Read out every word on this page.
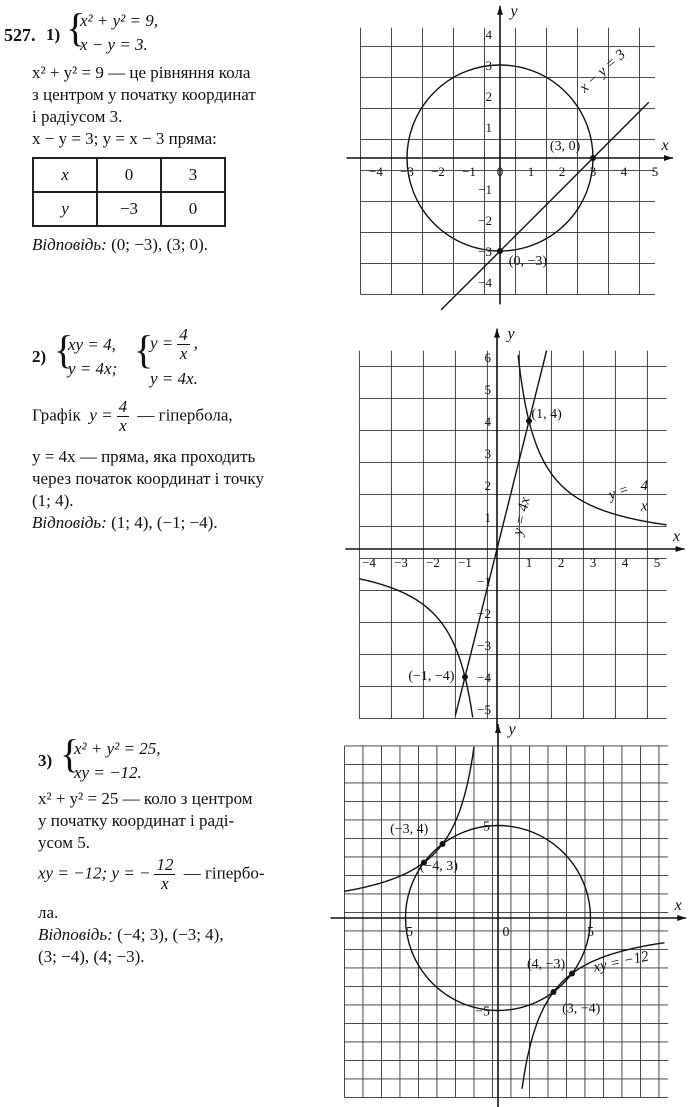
527. 1) {
x² + y² = 9,
x − y = 3.
x² + y² = 9 — це рівняння кола
з центром у початку координат
і радіусом 3.
x − y = 3; y = x − 3 пряма:
x	0	3
y	−3	0
Відповідь: (0; −3), (3; 0).
2) {
xy = 4,
y = 4x; {
$y = \frac{4}{x}$ ,
y = 4x.
Графік $y = \frac{4}{x}$ — гіпербола,
y = 4x — пряма, яка проходить
через початок координат і точку
(1; 4).
Відповідь: (1; 4), (−1; −4).
3) {
x² + y² = 25,
xy = −12.
x² + y² = 25 — коло з центром
у початку координат і раді-
усом 5.
xy = −12; y = − $\frac{12}{x}$ — гіпербо-
ла.
Відповідь: (−4; 3), (−3; 4),
(3; −4), (4; −3).
x
y
−4 −3 −2 −1 0 1 2 3 4 5
4
3
2
1
−1
−2
−3
−4
x − y = 3
(3, 0)
(0, −3)
x
y
−4 −3 −2 −1	1 2 3 4 5
6
5
4
3
2
1
−1
−2
−3
−4
−5
(1, 4)
(−1, −4)
y = 4x
y = 4
x
x
y
−5	0	5
5
−5
(−3, 4)
(−4, 3)
(4, −3)
(3, −4)
xy = −12
